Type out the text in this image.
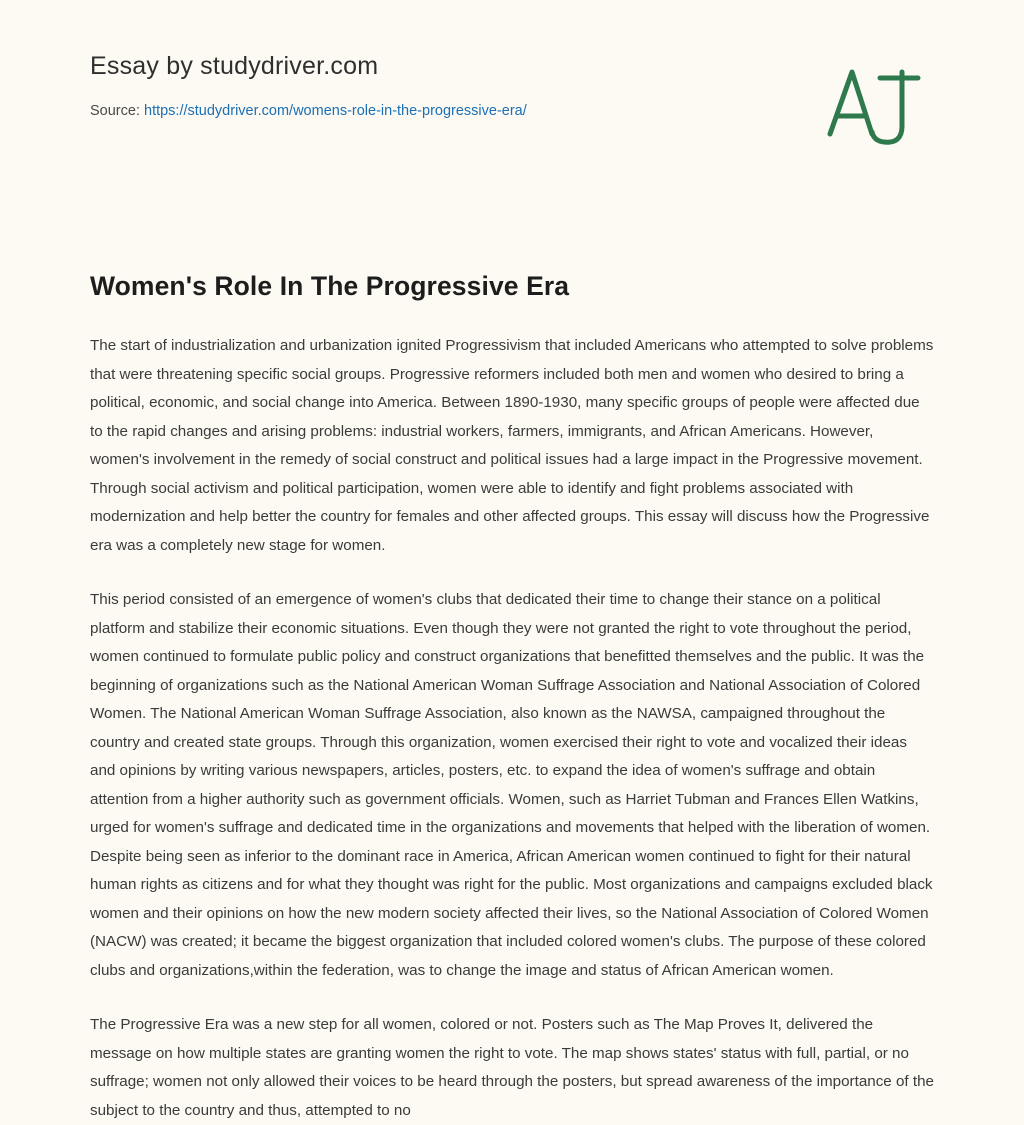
Essay by studydriver.com
Source: https://studydriver.com/womens-role-in-the-progressive-era/
Women's Role In The Progressive Era

The start of industrialization and urbanization ignited Progressivism that included Americans who attempted to solve problems that were threatening specific social groups. Progressive reformers included both men and women who desired to bring a political, economic, and social change into America. Between 1890-1930, many specific groups of people were affected due to the rapid changes and arising problems: industrial workers, farmers, immigrants, and African Americans. However, women's involvement in the remedy of social construct and political issues had a large impact in the Progressive movement. Through social activism and political participation, women were able to identify and fight problems associated with modernization and help better the country for females and other affected groups. This essay will discuss how the Progressive era was a completely new stage for women.

This period consisted of an emergence of women's clubs that dedicated their time to change their stance on a political platform and stabilize their economic situations. Even though they were not granted the right to vote throughout the period, women continued to formulate public policy and construct organizations that benefitted themselves and the public. It was the beginning of organizations such as the National American Woman Suffrage Association and National Association of Colored Women. The National American Woman Suffrage Association, also known as the NAWSA, campaigned throughout the country and created state groups. Through this organization, women exercised their right to vote and vocalized their ideas and opinions by writing various newspapers, articles, posters, etc. to expand the idea of women's suffrage and obtain attention from a higher authority such as government officials. Women, such as Harriet Tubman and Frances Ellen Watkins, urged for women's suffrage and dedicated time in the organizations and movements that helped with the liberation of women. Despite being seen as inferior to the dominant race in America, African American women continued to fight for their natural human rights as citizens and for what they thought was right for the public. Most organizations and campaigns excluded black women and their opinions on how the new modern society affected their lives, so the National Association of Colored Women (NACW) was created; it became the biggest organization that included colored women's clubs. The purpose of these colored clubs and organizations,within the federation, was to change the image and status of African American women.

The Progressive Era was a new step for all women, colored or not. Posters such as The Map Proves It, delivered the message on how multiple states are granting women the right to vote. The map shows states' status with full, partial, or no suffrage; women not only allowed their voices to be heard through the posters, but spread awareness of the importance of the subject to the country and thus, attempted to no
